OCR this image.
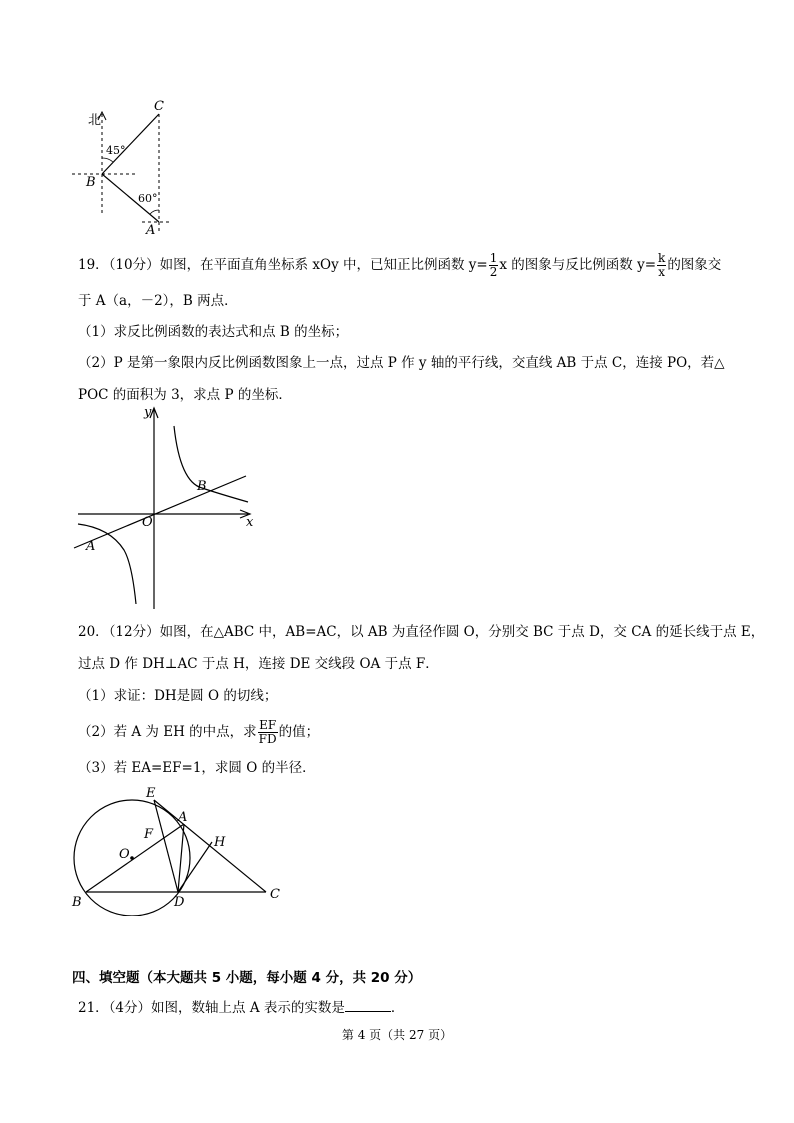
北
45°
60°
B
C
A
19．（10分）如图，在平面直角坐标系 xOy 中，已知正比例函数 $y= \frac{1}{2}$ x 的图象与反比例函数 $y= \frac{k}{x}$ 的图象交
于 A（a，－2），B 两点．
（1）求反比例函数的表达式和点 B 的坐标；
（2）P 是第一象限内反比例函数图象上一点，过点 P 作 y 轴的平行线，交直线 AB 于点 C，连接 PO，若△
POC 的面积为 3，求点 P 的坐标．
y
x
O
A
B
20．（12分）如图，在△ABC 中，AB=AC，以 AB 为直径作圆 O，分别交 BC 于点 D，交 CA 的延长线于点 E，
过点 D 作 DH⊥AC 于点 H，连接 DE 交线段 OA 于点 F．
（1）求证：DH是圆 O 的切线；
（2）若 A 为 EH 的中点，求 $\frac{EF}{FD}$ 的值；
（3）若 EA=EF=1，求圆 O 的半径．
E
A
F
O
H
B	D
C
四、填空题（本大题共 5 小题，每小题 4 分，共 20 分）
21．（4分）如图，数轴上点 A 表示的实数是	．
第 4 页（共 27 页）
